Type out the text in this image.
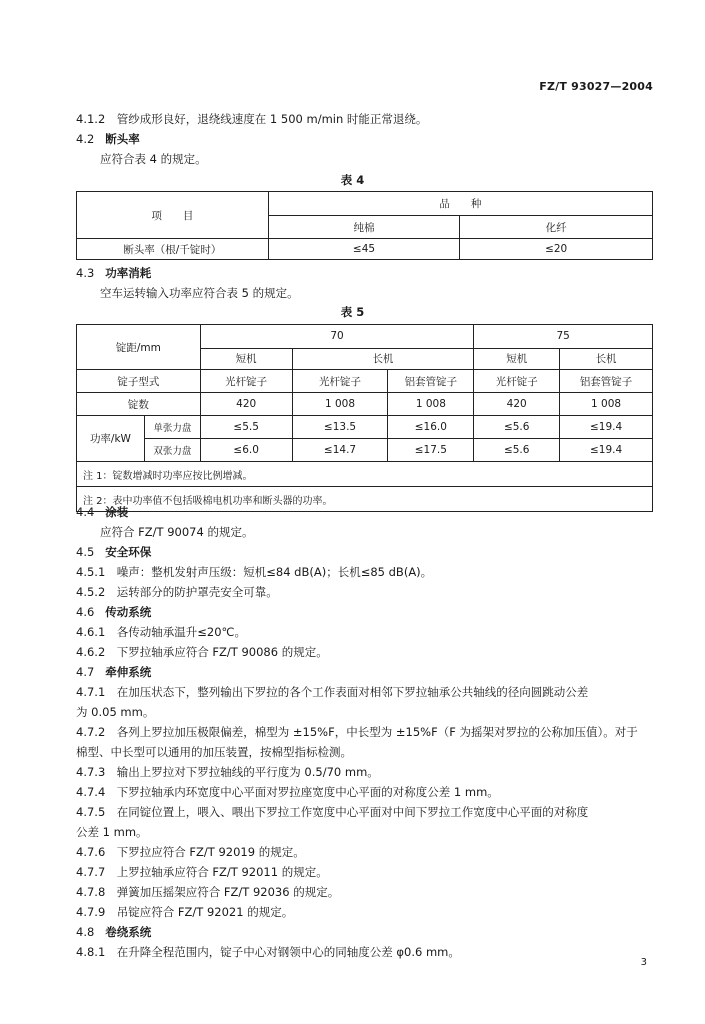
FZ/T 93027—2004
4.1.2　管纱成形良好，退绕线速度在 1 500 m/min 时能正常退绕。
4.2 断头率
应符合表 4 的规定。
表 4
项　　目	品　　种	
	纯棉	化纤
断头率（根/千锭时）	≤45	≤20
4.3 功率消耗
空车运转输入功率应符合表 5 的规定。
表 5
锭距/mm		70			75	
		短机	长机		短机	长机
锭子型式		光杆锭子	光杆锭子	铝套管锭子	光杆锭子	铝套管锭子
锭数		420	1 008	1 008	420	1 008
功率/kW	单张力盘	≤5.5	≤13.5	≤16.0	≤5.6	≤19.4
	双张力盘	≤6.0	≤14.7	≤17.5	≤5.6	≤19.4
注 1：锭数增减时功率应按比例增减。						
注 2：表中功率值不包括吸棉电机功率和断头器的功率。						
4.4 涂装
应符合 FZ/T 90074 的规定。
4.5 安全环保
4.5.1　噪声：整机发射声压级：短机≤84 dB(A)；长机≤85 dB(A)。
4.5.2　运转部分的防护罩壳安全可靠。
4.6 传动系统
4.6.1　各传动轴承温升≤20℃。
4.6.2　下罗拉轴承应符合 FZ/T 90086 的规定。
4.7 牵伸系统
4.7.1　在加压状态下，整列输出下罗拉的各个工作表面对相邻下罗拉轴承公共轴线的径向圆跳动公差
为 0.05 mm。
4.7.2　各列上罗拉加压极限偏差，棉型为 ±15%F，中长型为 ±15%F（F 为摇架对罗拉的公称加压值）。对于
棉型、中长型可以通用的加压装置，按棉型指标检测。
4.7.3　输出上罗拉对下罗拉轴线的平行度为 0.5/70 mm。
4.7.4　下罗拉轴承内环宽度中心平面对罗拉座宽度中心平面的对称度公差 1 mm。
4.7.5　在同锭位置上，喂入、喂出下罗拉工作宽度中心平面对中间下罗拉工作宽度中心平面的对称度
公差 1 mm。
4.7.6　下罗拉应符合 FZ/T 92019 的规定。
4.7.7　上罗拉轴承应符合 FZ/T 92011 的规定。
4.7.8　弹簧加压摇架应符合 FZ/T 92036 的规定。
4.7.9　吊锭应符合 FZ/T 92021 的规定。
4.8 卷绕系统
4.8.1　在升降全程范围内，锭子中心对钢领中心的同轴度公差 φ0.6 mm。
3
